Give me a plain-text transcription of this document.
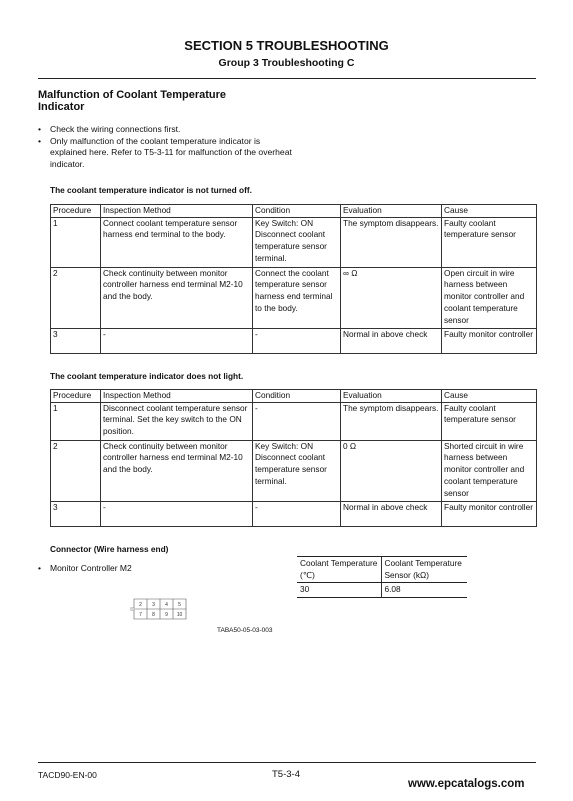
SECTION 5 TROUBLESHOOTING
Group 3 Troubleshooting C
Malfunction of Coolant Temperature
Indicator
•	Check the wiring connections first.
•	Only malfunction of the coolant temperature indicator is explained here. Refer to T5-3-11 for malfunction of the overheat indicator.
The coolant temperature indicator is not turned off.
Procedure	Inspection Method	Condition	Evaluation	Cause
1	Connect coolant temperature sensor harness end terminal to the body.	Key Switch: ON Disconnect coolant temperature sensor terminal.	The symptom disappears.	Faulty coolant temperature sensor
2	Check continuity between monitor controller harness end terminal M2-10 and the body.	Connect the coolant temperature sensor harness end terminal to the body.	∞ Ω	Open circuit in wire harness between monitor controller and coolant temperature sensor
3	-	-	Normal in above check	Faulty monitor controller
The coolant temperature indicator does not light.
Procedure	Inspection Method	Condition	Evaluation	Cause
1	Disconnect coolant temperature sensor terminal. Set the key switch to the ON position.	-	The symptom disappears.	Faulty coolant temperature sensor
2	Check continuity between monitor controller harness end terminal M2-10 and the body.	Key Switch: ON Disconnect coolant temperature sensor terminal.	0 Ω	Shorted circuit in wire harness between monitor controller and coolant temperature sensor
3	-	-	Normal in above check	Faulty monitor controller
Connector (Wire harness end)
•	Monitor Controller M2
2 3 4 5
7 8 9 10
TABA50-05-03-003
Coolant Temperature (℃)	Coolant Temperature Sensor (kΩ)
30	6.08
TACD90-EN-00	T5-3-4
www.epcatalogs.com
